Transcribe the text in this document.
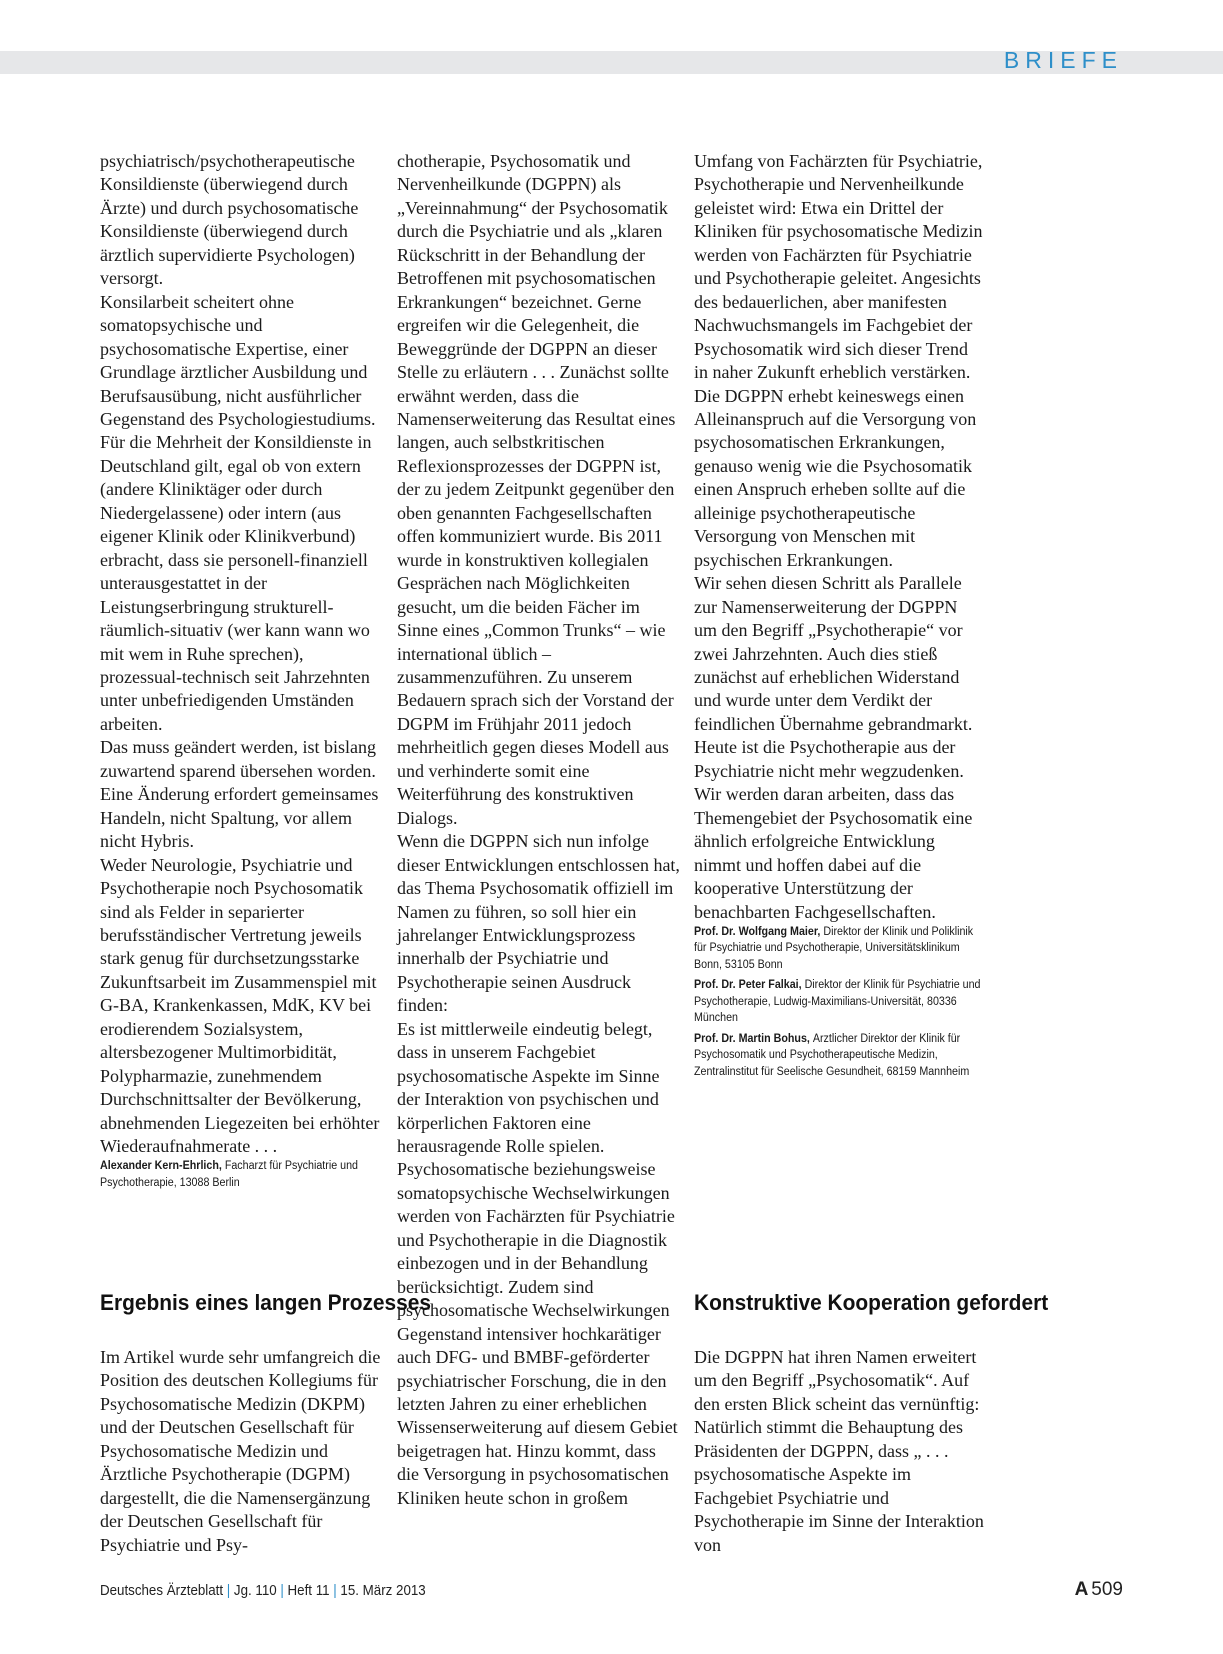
BRIEFE

psychiatrisch/psychotherapeutische Konsildienste (überwiegend durch Ärzte) und durch psychosomatische Konsildienste (überwiegend durch ärztlich supervidierte Psychologen) versorgt.

Konsilarbeit scheitert ohne somatopsychische und psychosomatische Expertise, einer Grundlage ärztlicher Ausbildung und Berufsausübung, nicht ausführlicher Gegenstand des Psychologiestudiums.

Für die Mehrheit der Konsildienste in Deutschland gilt, egal ob von extern (andere Kliniktäger oder durch Niedergelassene) oder intern (aus eigener Klinik oder Klinikverbund) erbracht, dass sie personell-finanziell unterausgestattet in der Leistungserbringung strukturell-räumlich-situativ (wer kann wann wo mit wem in Ruhe sprechen), prozessual-technisch seit Jahrzehnten unter unbefriedigenden Umständen arbeiten.

Das muss geändert werden, ist bislang zuwartend sparend übersehen worden.

Eine Änderung erfordert gemeinsames Handeln, nicht Spaltung, vor allem nicht Hybris.

Weder Neurologie, Psychiatrie und Psychotherapie noch Psychosomatik sind als Felder in separierter berufsständischer Vertretung jeweils stark genug für durchsetzungsstarke Zukunftsarbeit im Zusammenspiel mit G-BA, Krankenkassen, MdK, KV bei erodierendem Sozialsystem, altersbezogener Multimorbidität, Polypharmazie, zunehmendem Durchschnittsalter der Bevölkerung, abnehmenden Liegezeiten bei erhöhter Wiederaufnahmerate . . .

Alexander Kern-Ehrlich, Facharzt für Psychiatrie und Psychotherapie, 13088 Berlin

chotherapie, Psychosomatik und Nervenheilkunde (DGPPN) als „Vereinnahmung“ der Psychosomatik durch die Psychiatrie und als „klaren Rückschritt in der Behandlung der Betroffenen mit psychosomatischen Erkrankungen“ bezeichnet. Gerne ergreifen wir die Gelegenheit, die Beweggründe der DGPPN an dieser Stelle zu erläutern . . . Zunächst sollte erwähnt werden, dass die Namenserweiterung das Resultat eines langen, auch selbstkritischen Reflexionsprozesses der DGPPN ist, der zu jedem Zeitpunkt gegenüber den oben genannten Fachgesellschaften offen kommuniziert wurde. Bis 2011 wurde in konstruktiven kollegialen Gesprächen nach Möglichkeiten gesucht, um die beiden Fächer im Sinne eines „Common Trunks“ – wie international üblich – zusammenzuführen. Zu unserem Bedauern sprach sich der Vorstand der DGPM im Frühjahr 2011 jedoch mehrheitlich gegen dieses Modell aus und verhinderte somit eine Weiterführung des konstruktiven Dialogs.

Wenn die DGPPN sich nun infolge dieser Entwicklungen entschlossen hat, das Thema Psychosomatik offiziell im Namen zu führen, so soll hier ein jahrelanger Entwicklungsprozess innerhalb der Psychiatrie und Psychotherapie seinen Ausdruck finden:

Es ist mittlerweile eindeutig belegt, dass in unserem Fachgebiet psychosomatische Aspekte im Sinne der Interaktion von psychischen und körperlichen Faktoren eine herausragende Rolle spielen. Psychosomatische beziehungsweise somatopsychische Wechselwirkungen werden von Fachärzten für Psychiatrie und Psychotherapie in die Diagnostik einbezogen und in der Behandlung berücksichtigt. Zudem sind psychosomatische Wechselwirkungen Gegenstand intensiver hochkarätiger auch DFG- und BMBF-geförderter psychiatrischer Forschung, die in den letzten Jahren zu einer erheblichen Wissenserweiterung auf diesem Gebiet beigetragen hat. Hinzu kommt, dass die Versorgung in psychosomatischen Kliniken heute schon in großem

Umfang von Fachärzten für Psychiatrie, Psychotherapie und Nervenheilkunde geleistet wird: Etwa ein Drittel der Kliniken für psychosomatische Medizin werden von Fachärzten für Psychiatrie und Psychotherapie geleitet. Angesichts des bedauerlichen, aber manifesten Nachwuchsmangels im Fachgebiet der Psychosomatik wird sich dieser Trend in naher Zukunft erheblich verstärken.

Die DGPPN erhebt keineswegs einen Alleinanspruch auf die Versorgung von psychosomatischen Erkrankungen, genauso wenig wie die Psychosomatik einen Anspruch erheben sollte auf die alleinige psychotherapeutische Versorgung von Menschen mit psychischen Erkrankungen.

Wir sehen diesen Schritt als Parallele zur Namenserweiterung der DGPPN um den Begriff „Psychotherapie“ vor zwei Jahrzehnten. Auch dies stieß zunächst auf erheblichen Widerstand und wurde unter dem Verdikt der feindlichen Übernahme gebrandmarkt. Heute ist die Psychotherapie aus der Psychiatrie nicht mehr wegzudenken. Wir werden daran arbeiten, dass das Themengebiet der Psychosomatik eine ähnlich erfolgreiche Entwicklung nimmt und hoffen dabei auf die kooperative Unterstützung der benachbarten Fachgesellschaften.

Prof. Dr. Wolfgang Maier, Direktor der Klinik und Poliklinik für Psychiatrie und Psychotherapie, Universitätsklinikum Bonn, 53105 Bonn

Prof. Dr. Peter Falkai, Direktor der Klinik für Psychiatrie und Psychotherapie, Ludwig-Maximilians-Universität, 80336 München

Prof. Dr. Martin Bohus, Ärztlicher Direktor der Klinik für Psychosomatik und Psychotherapeutische Medizin, Zentralinstitut für Seelische Gesundheit, 68159 Mannheim

Ergebnis eines langen Prozesses
Im Artikel wurde sehr umfangreich die Position des deutschen Kollegiums für Psychosomatische Medizin (DKPM) und der Deutschen Gesellschaft für Psychosomatische Medizin und Ärztliche Psychotherapie (DGPM) dargestellt, die die Namensergänzung der Deutschen Gesellschaft für Psychiatrie und Psy-
Konstruktive Kooperation gefordert
Die DGPPN hat ihren Namen erweitert um den Begriff „Psychosomatik“. Auf den ersten Blick scheint das vernünftig: Natürlich stimmt die Behauptung des Präsidenten der DGPPN, dass „ . . . psychosomatische Aspekte im Fachgebiet Psychiatrie und Psychotherapie im Sinne der Interaktion von
Deutsches Ärzteblatt | Jg. 110 | Heft 11 | 15. März 2013	A 509
